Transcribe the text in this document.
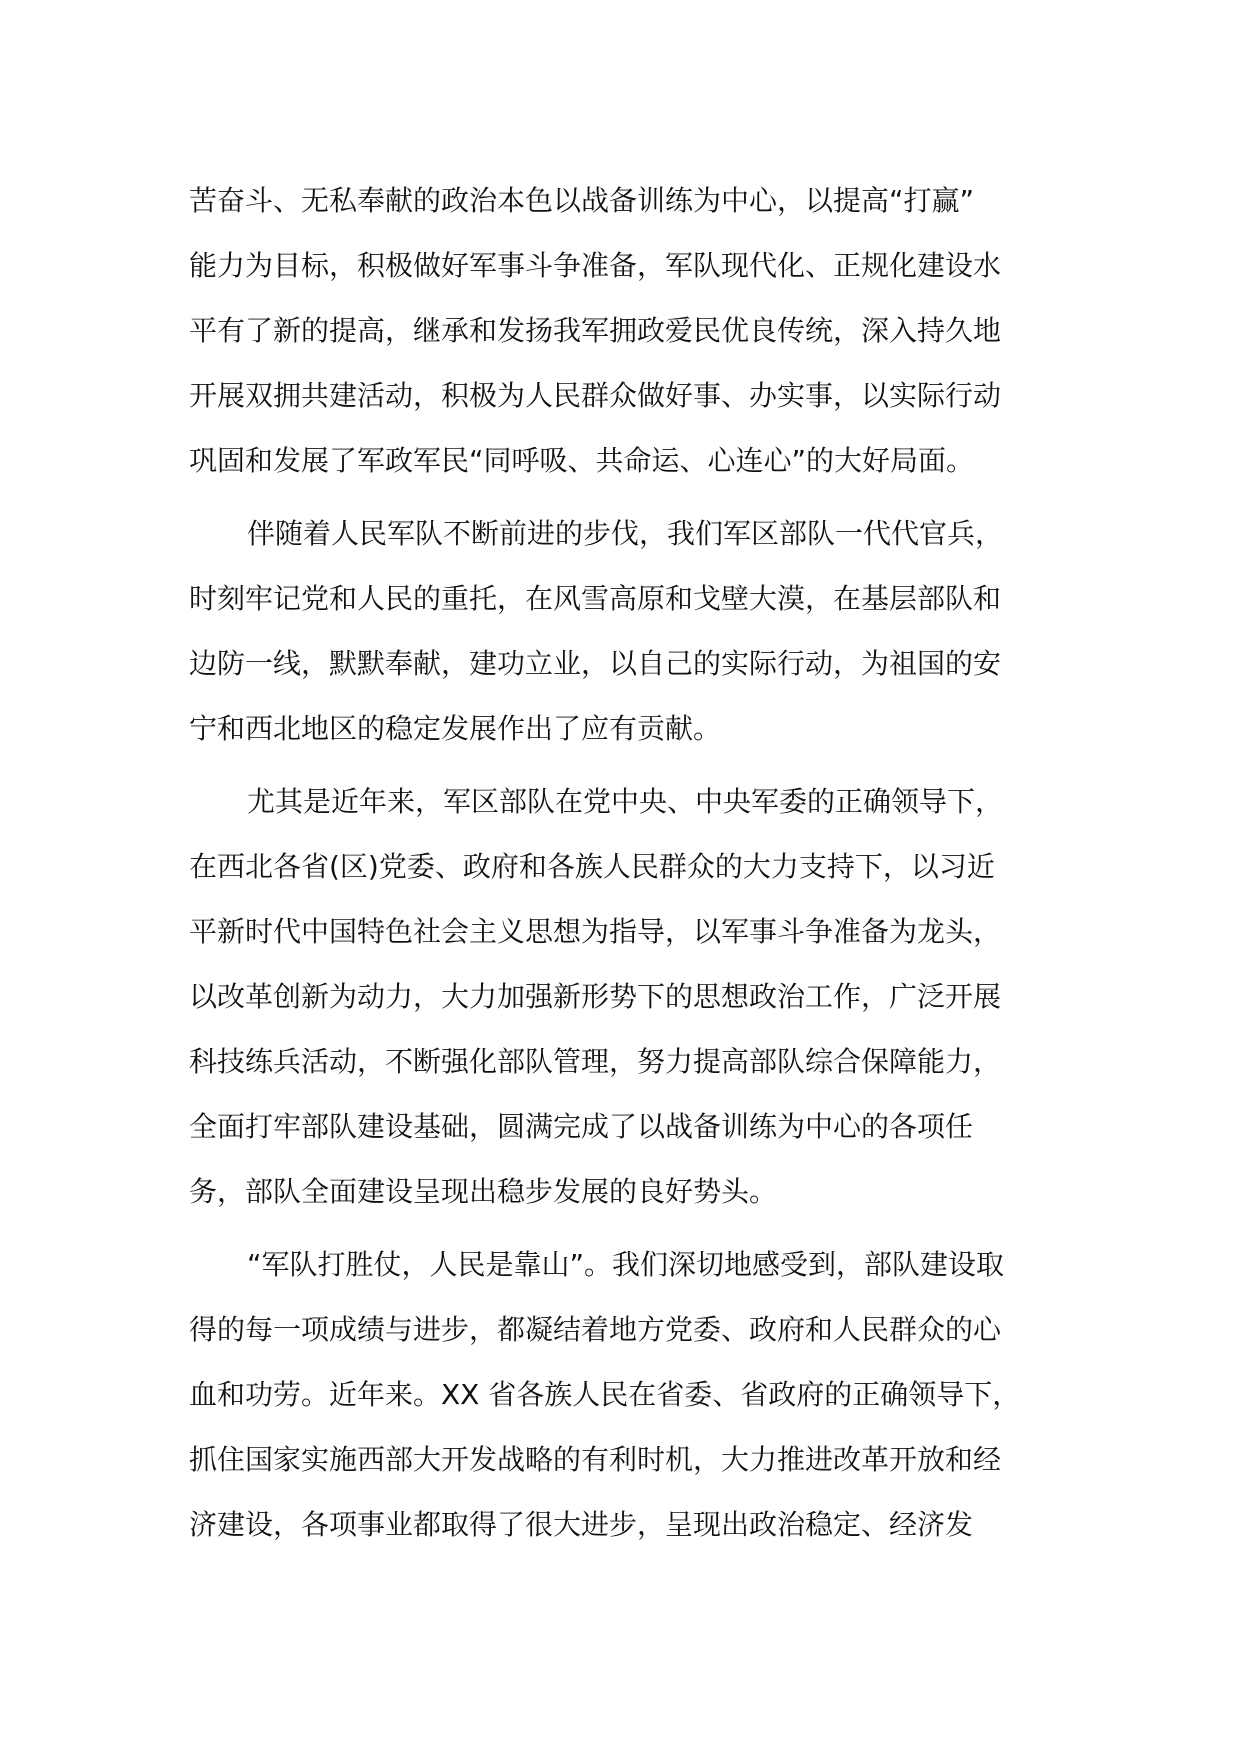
苦奋斗、无私奉献的政治本色以战备训练为中心，以提高“打赢”
能力为目标，积极做好军事斗争准备，军队现代化、正规化建设水
平有了新的提高，继承和发扬我军拥政爱民优良传统，深入持久地
开展双拥共建活动，积极为人民群众做好事、办实事，以实际行动
巩固和发展了军政军民“同呼吸、共命运、心连心”的大好局面。
伴随着人民军队不断前进的步伐，我们军区部队一代代官兵，
时刻牢记党和人民的重托，在风雪高原和戈壁大漠，在基层部队和
边防一线，默默奉献，建功立业，以自己的实际行动，为祖国的安
宁和西北地区的稳定发展作出了应有贡献。
尤其是近年来，军区部队在党中央、中央军委的正确领导下，
在西北各省(区)党委、政府和各族人民群众的大力支持下，以习近
平新时代中国特色社会主义思想为指导，以军事斗争准备为龙头，
以改革创新为动力，大力加强新形势下的思想政治工作，广泛开展
科技练兵活动，不断强化部队管理，努力提高部队综合保障能力，
全面打牢部队建设基础，圆满完成了以战备训练为中心的各项任
务，部队全面建设呈现出稳步发展的良好势头。
“军队打胜仗，人民是靠山”。我们深切地感受到，部队建设取
得的每一项成绩与进步，都凝结着地方党委、政府和人民群众的心
血和功劳。近年来。XX 省各族人民在省委、省政府的正确领导下，
抓住国家实施西部大开发战略的有利时机，大力推进改革开放和经
济建设，各项事业都取得了很大进步，呈现出政治稳定、经济发
